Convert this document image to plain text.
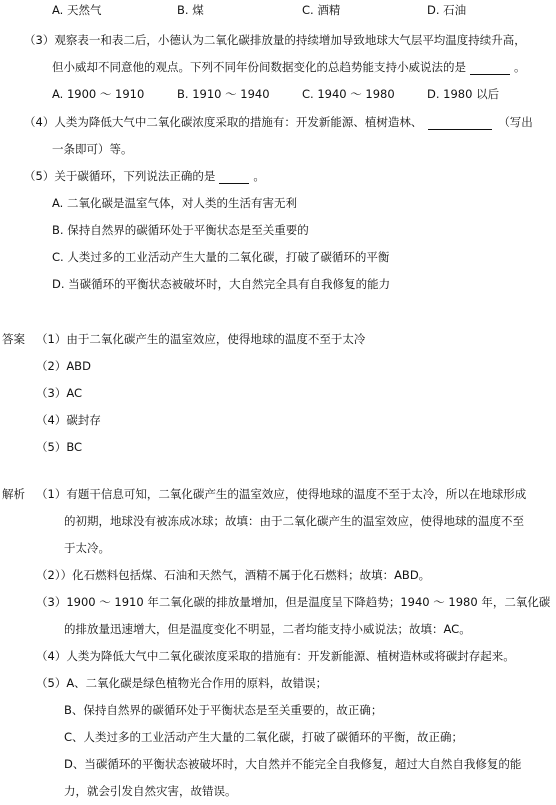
A. 天然气	B. 煤	C. 酒精	D. 石油
（3）观察表一和表二后，小德认为二氧化碳排放量的持续增加导致地球大气层平均温度持续升高，
但小威却不同意他的观点。下列不同年份间数据变化的总趋势能支持小威说法的是	。
A. 1900 ～ 1910	B. 1910 ～ 1940	C. 1940 ～ 1980	D. 1980 以后
（4）人类为降低大气中二氧化碳浓度采取的措施有：开发新能源、植树造林、	（写出
一条即可）等。
（5）关于碳循环，下列说法正确的是	。
A. 二氧化碳是温室气体，对人类的生活有害无利
B. 保持自然界的碳循环处于平衡状态是至关重要的
C. 人类过多的工业活动产生大量的二氧化碳，打破了碳循环的平衡
D. 当碳循环的平衡状态被破坏时，大自然完全具有自我修复的能力
答案 （1）由于二氧化碳产生的温室效应，使得地球的温度不至于太冷
（2）ABD
（3）AC
（4）碳封存
（5）BC
解析 （1）有题干信息可知，二氧化碳产生的温室效应，使得地球的温度不至于太冷，所以在地球形成
的初期，地球没有被冻成冰球；故填：由于二氧化碳产生的温室效应，使得地球的温度不至
于太冷。
（2））化石燃料包括煤、石油和天然气，酒精不属于化石燃料；故填：ABD。
（3）1900 ～ 1910 年二氧化碳的排放量增加，但是温度呈下降趋势；1940 ～ 1980 年，二氧化碳
的排放量迅速增大，但是温度变化不明显，二者均能支持小威说法；故填：AC。
（4）人类为降低大气中二氧化碳浓度采取的措施有：开发新能源、植树造林或将碳封存起来。
（5）A、二氧化碳是绿色植物光合作用的原料，故错误；
B、保持自然界的碳循环处于平衡状态是至关重要的，故正确；
C、人类过多的工业活动产生大量的二氧化碳，打破了碳循环的平衡，故正确；
D、当碳循环的平衡状态被破坏时，大自然并不能完全自我修复，超过大自然自我修复的能
力，就会引发自然灾害，故错误。
